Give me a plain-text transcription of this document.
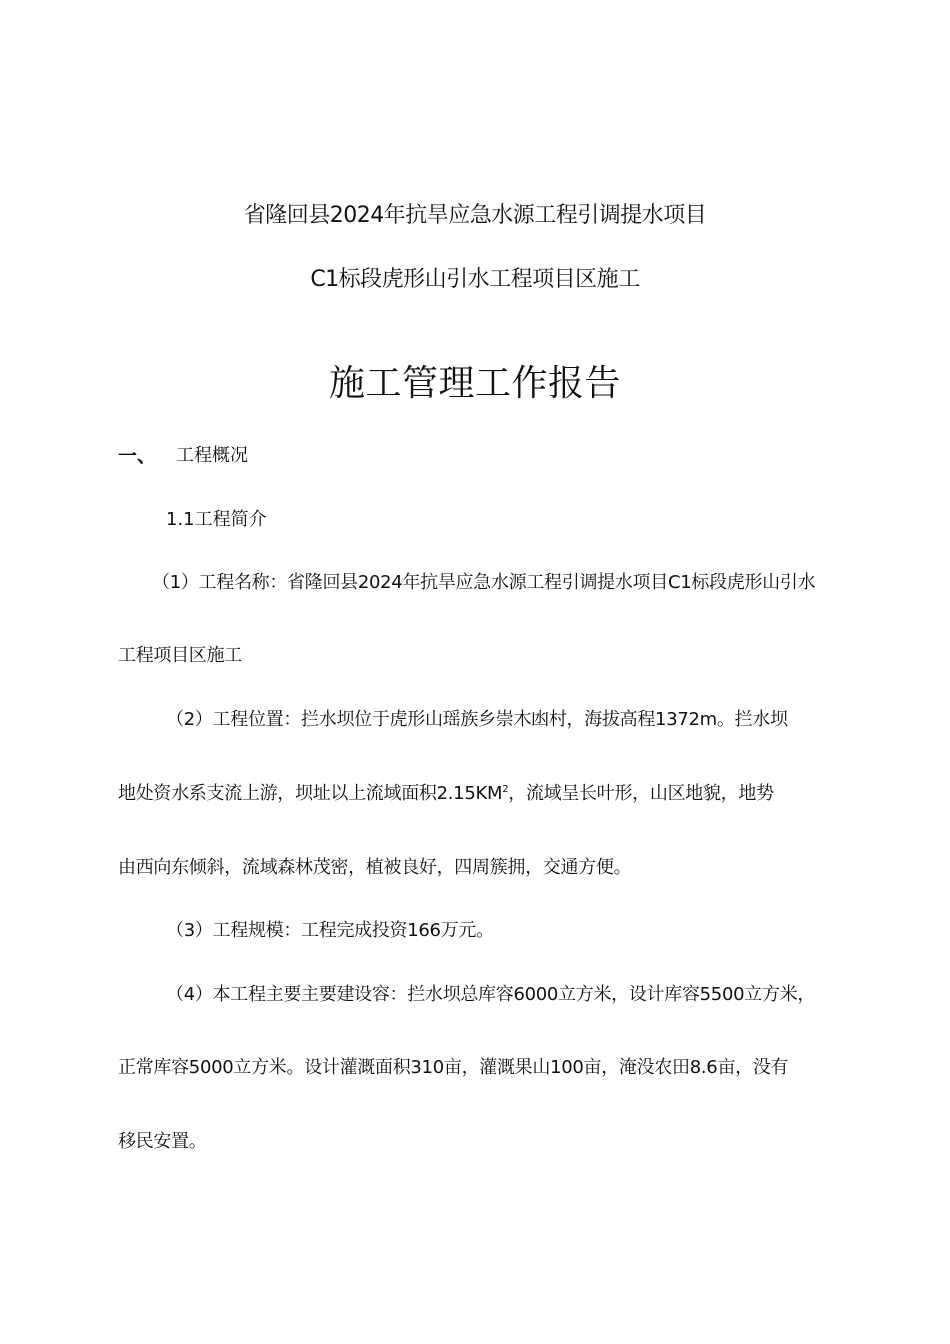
省隆回县2024年抗旱应急水源工程引调提水项目
C1标段虎形山引水工程项目区施工
施工管理工作报告
一、 工程概况
1.1工程简介
（1）工程名称：省隆回县2024年抗旱应急水源工程引调提水项目C1标段虎形山引水
工程项目区施工
（2）工程位置：拦水坝位于虎形山瑶族乡崇木凼村，海拔高程1372m。拦水坝
地处资水系支流上游，坝址以上流域面积$2.15KM^2$，流域呈长叶形，山区地貌，地势
由西向东倾斜，流域森林茂密，植被良好，四周簇拥，交通方便。
（3）工程规模：工程完成投资166万元。
（4）本工程主要主要建设容：拦水坝总库容6000立方米，设计库容5500立方米，
正常库容5000立方米。设计灌溉面积310亩，灌溉果山100亩，淹没农田8.6亩，没有
移民安置。
